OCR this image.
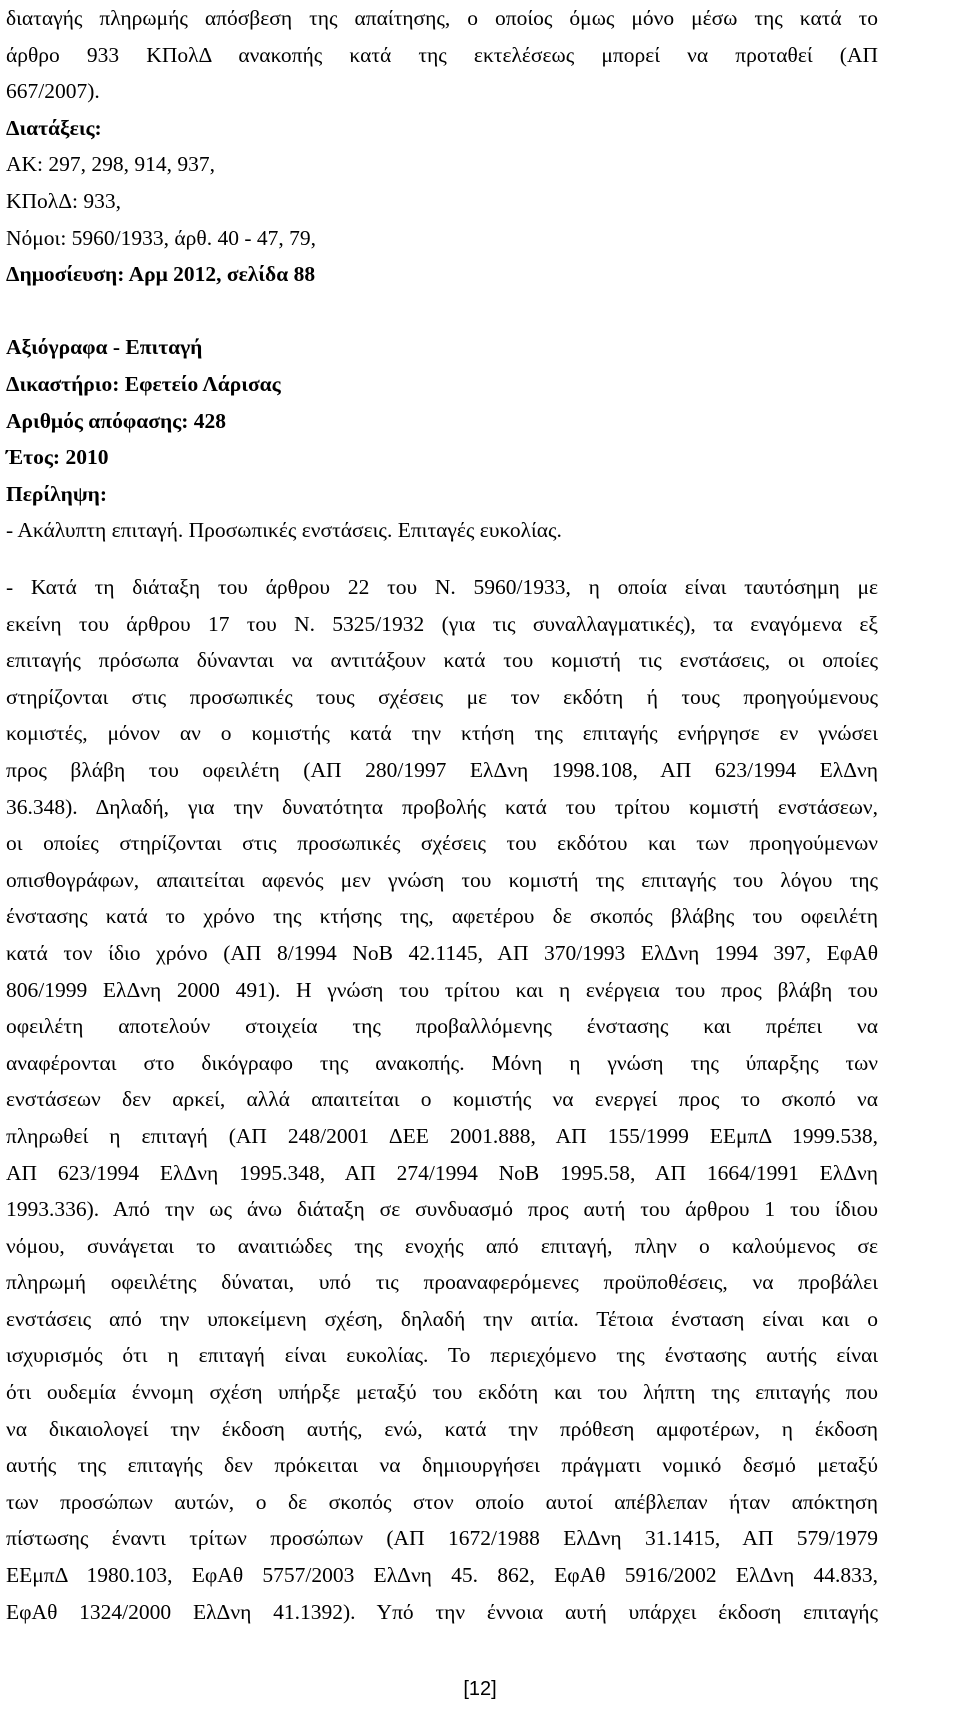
διαταγής πληρωμής απόσβεση της απαίτησης, ο οποίος όμως μόνο μέσω της κατά το
άρθρο 933 ΚΠολΔ ανακοπής κατά της εκτελέσεως μπορεί να προταθεί (ΑΠ
667/2007).
Διατάξεις:
ΑΚ: 297, 298, 914, 937,
ΚΠολΔ: 933,
Νόμοι: 5960/1933, άρθ. 40 - 47, 79,
Δημοσίευση: Αρμ 2012, σελίδα 88
Αξιόγραφα - Επιταγή
Δικαστήριο: Εφετείο Λάρισας
Αριθμός απόφασης: 428
Έτος: 2010
Περίληψη:
- Ακάλυπτη επιταγή. Προσωπικές ενστάσεις. Επιταγές ευκολίας.
- Κατά τη διάταξη του άρθρου 22 του Ν. 5960/1933, η οποία είναι ταυτόσημη με
εκείνη του άρθρου 17 του Ν. 5325/1932 (για τις συναλλαγματικές), τα εναγόμενα εξ
επιταγής πρόσωπα δύνανται να αντιτάξουν κατά του κομιστή τις ενστάσεις, οι οποίες
στηρίζονται στις προσωπικές τους σχέσεις με τον εκδότη ή τους προηγούμενους
κομιστές, μόνον αν ο κομιστής κατά την κτήση της επιταγής ενήργησε εν γνώσει
προς βλάβη του οφειλέτη (ΑΠ 280/1997 ΕλΔνη 1998.108, ΑΠ 623/1994 ΕλΔνη
36.348). Δηλαδή, για την δυνατότητα προβολής κατά του τρίτου κομιστή ενστάσεων,
οι οποίες στηρίζονται στις προσωπικές σχέσεις του εκδότου και των προηγούμενων
οπισθογράφων, απαιτείται αφενός μεν γνώση του κομιστή της επιταγής του λόγου της
ένστασης κατά το χρόνο της κτήσης της, αφετέρου δε σκοπός βλάβης του οφειλέτη
κατά τον ίδιο χρόνο (ΑΠ 8/1994 ΝοΒ 42.1145, ΑΠ 370/1993 ΕλΔνη 1994 397, ΕφΑθ
806/1999 ΕλΔνη 2000 491). Η γνώση του τρίτου και η ενέργεια του προς βλάβη του
οφειλέτη αποτελούν στοιχεία της προβαλλόμενης ένστασης και πρέπει να
αναφέρονται στο δικόγραφο της ανακοπής. Μόνη η γνώση της ύπαρξης των
ενστάσεων δεν αρκεί, αλλά απαιτείται ο κομιστής να ενεργεί προς το σκοπό να
πληρωθεί η επιταγή (ΑΠ 248/2001 ΔΕΕ 2001.888, ΑΠ 155/1999 ΕΕμπΔ 1999.538,
ΑΠ 623/1994 ΕλΔνη 1995.348, ΑΠ 274/1994 ΝοΒ 1995.58, ΑΠ 1664/1991 ΕλΔνη
1993.336). Από την ως άνω διάταξη σε συνδυασμό προς αυτή του άρθρου 1 του ίδιου
νόμου, συνάγεται το αναιτιώδες της ενοχής από επιταγή, πλην ο καλούμενος σε
πληρωμή οφειλέτης δύναται, υπό τις προαναφερόμενες προϋποθέσεις, να προβάλει
ενστάσεις από την υποκείμενη σχέση, δηλαδή την αιτία. Τέτοια ένσταση είναι και ο
ισχυρισμός ότι η επιταγή είναι ευκολίας. Το περιεχόμενο της ένστασης αυτής είναι
ότι ουδεμία έννομη σχέση υπήρξε μεταξύ του εκδότη και του λήπτη της επιταγής που
να δικαιολογεί την έκδοση αυτής, ενώ, κατά την πρόθεση αμφοτέρων, η έκδοση
αυτής της επιταγής δεν πρόκειται να δημιουργήσει πράγματι νομικό δεσμό μεταξύ
των προσώπων αυτών, ο δε σκοπός στον οποίο αυτοί απέβλεπαν ήταν απόκτηση
πίστωσης έναντι τρίτων προσώπων (ΑΠ 1672/1988 ΕλΔνη 31.1415, ΑΠ 579/1979
ΕΕμπΔ 1980.103, ΕφΑθ 5757/2003 ΕλΔνη 45. 862, ΕφΑθ 5916/2002 ΕλΔνη 44.833,
ΕφΑθ 1324/2000 ΕλΔνη 41.1392). Υπό την έννοια αυτή υπάρχει έκδοση επιταγής
[12]
